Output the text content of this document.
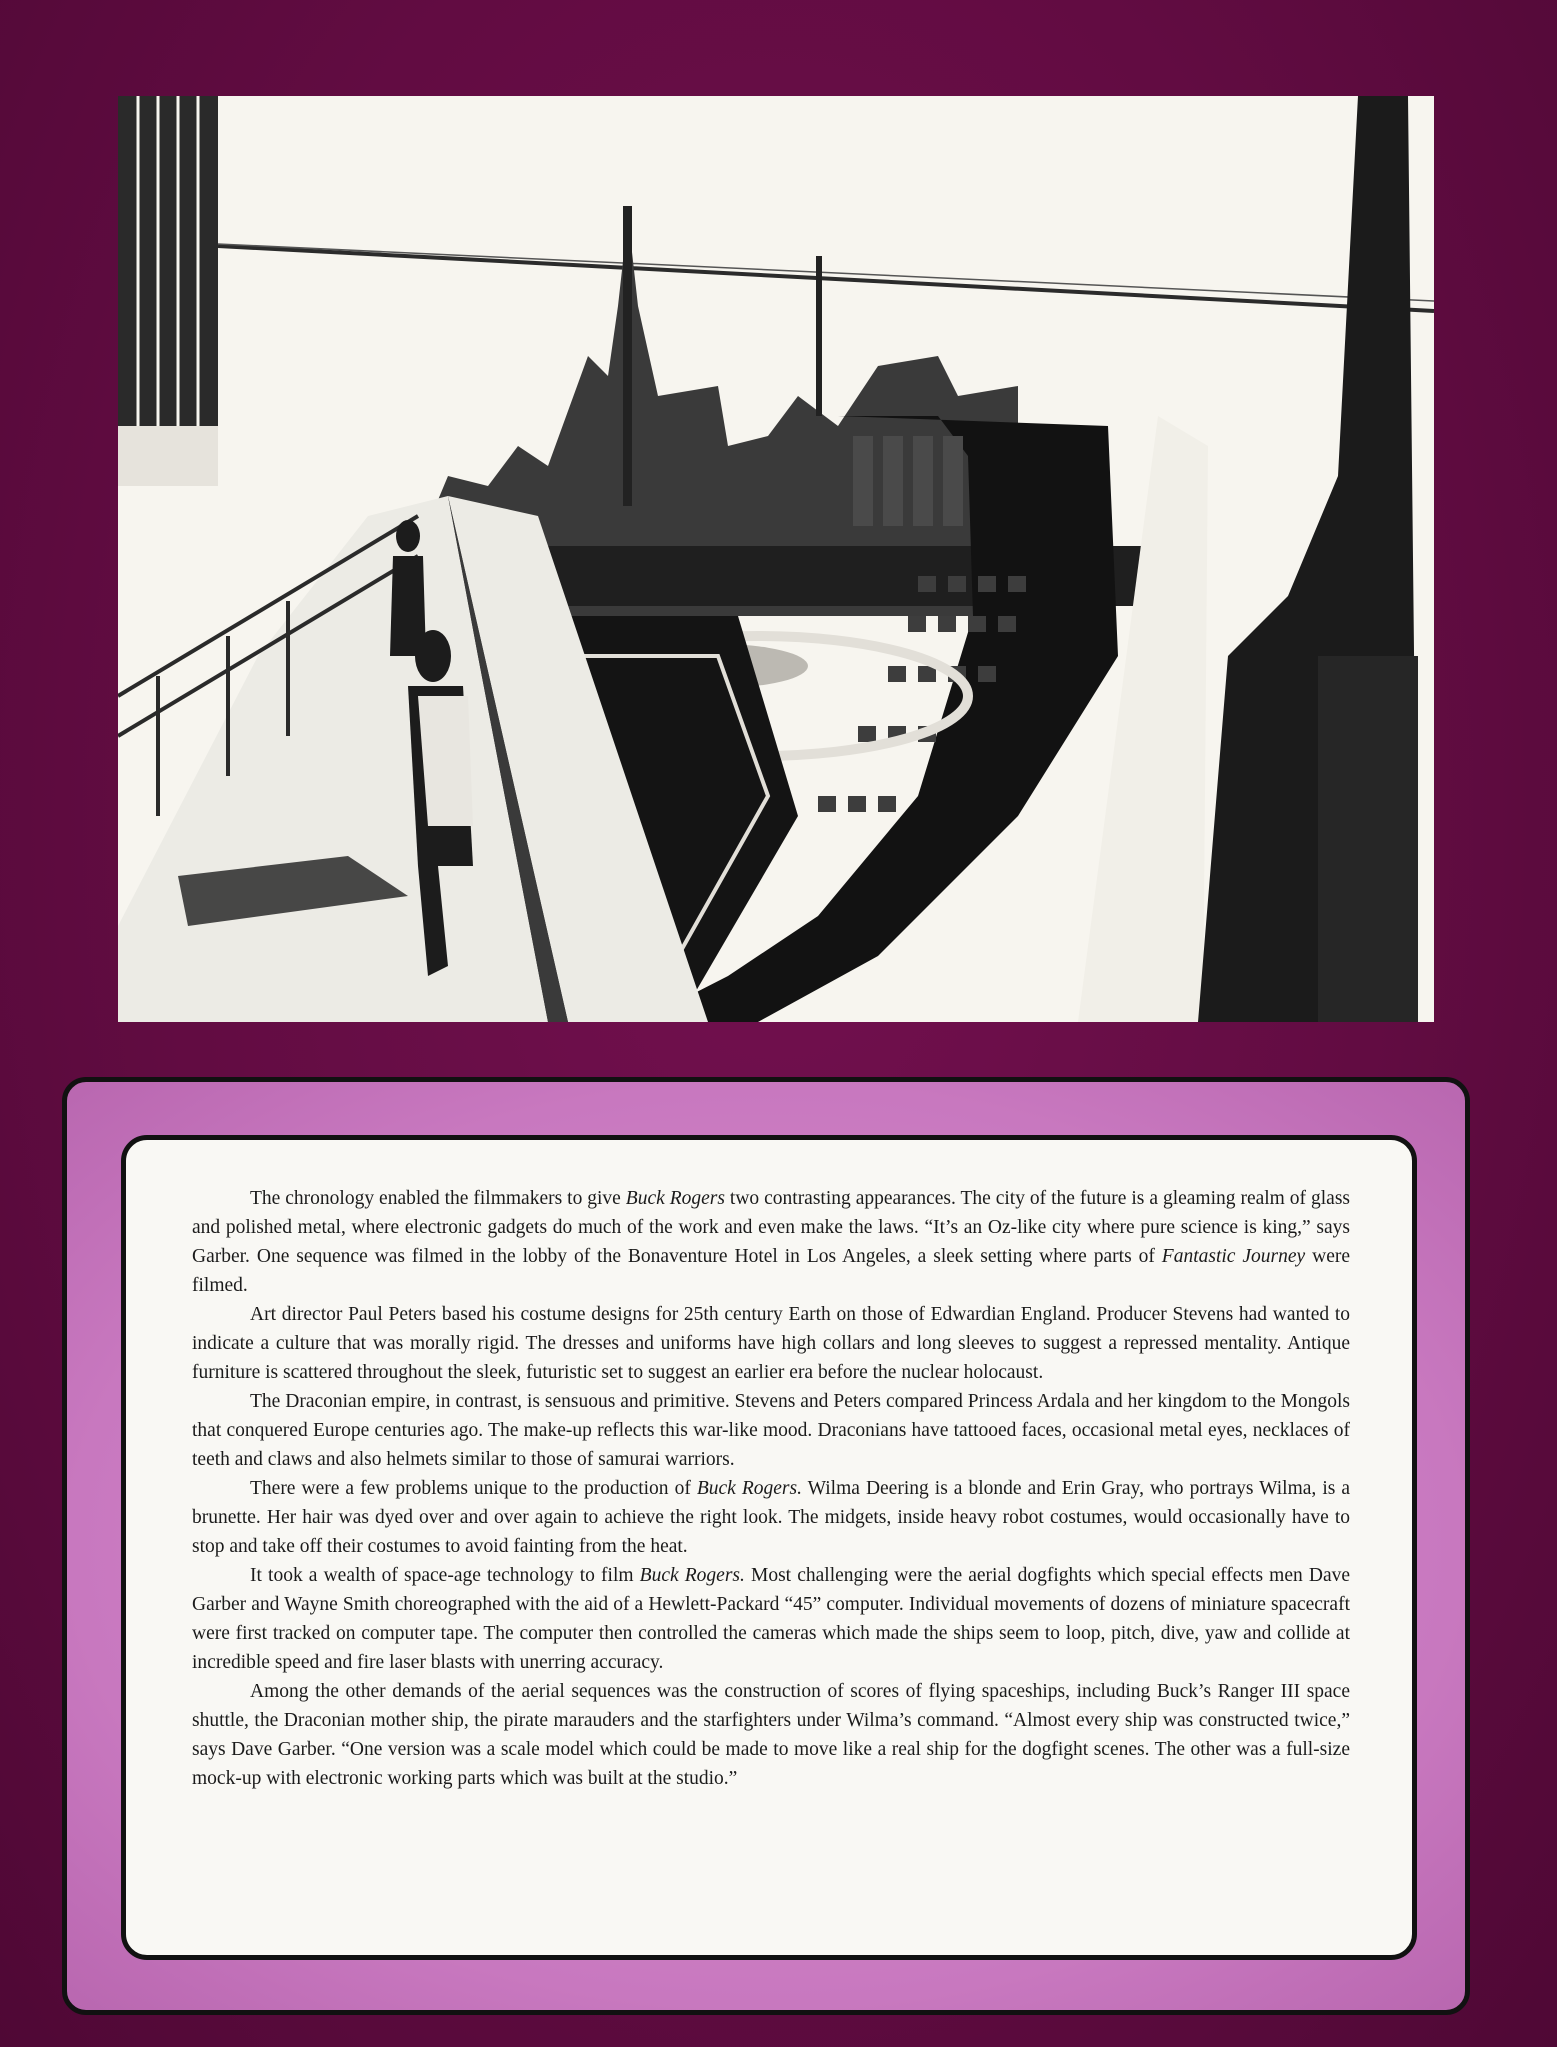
The chronology enabled the filmmakers to give Buck Rogers two contrasting appearances. The city of the future is a gleaming realm of glass and polished metal, where electronic gadgets do much of the work and even make the laws. “It’s an Oz-like city where pure science is king,” says Garber. One sequence was filmed in the lobby of the Bonaventure Hotel in Los Angeles, a sleek setting where parts of Fantastic Journey were filmed.

Art director Paul Peters based his costume designs for 25th century Earth on those of Edwardian England. Producer Stevens had wanted to indicate a culture that was morally rigid. The dresses and uniforms have high collars and long sleeves to suggest a repressed mentality. Antique furniture is scattered throughout the sleek, futuristic set to suggest an earlier era before the nuclear holocaust.

The Draconian empire, in contrast, is sensuous and primitive. Stevens and Peters compared Princess Ardala and her kingdom to the Mongols that conquered Europe centuries ago. The make-up reflects this war-like mood. Draconians have tattooed faces, occasional metal eyes, necklaces of teeth and claws and also helmets similar to those of samurai warriors.

There were a few problems unique to the production of Buck Rogers. Wilma Deering is a blonde and Erin Gray, who portrays Wilma, is a brunette. Her hair was dyed over and over again to achieve the right look. The midgets, inside heavy robot costumes, would occasionally have to stop and take off their costumes to avoid fainting from the heat.

It took a wealth of space-age technology to film Buck Rogers. Most challenging were the aerial dogfights which special effects men Dave Garber and Wayne Smith choreographed with the aid of a Hewlett-Packard “45” computer. Individual movements of dozens of miniature spacecraft were first tracked on computer tape. The computer then controlled the cameras which made the ships seem to loop, pitch, dive, yaw and collide at incredible speed and fire laser blasts with unerring accuracy.

Among the other demands of the aerial sequences was the construction of scores of flying spaceships, including Buck’s Ranger III space shuttle, the Draconian mother ship, the pirate marauders and the starfighters under Wilma’s command. “Almost every ship was constructed twice,” says Dave Garber. “One version was a scale model which could be made to move like a real ship for the dogfight scenes. The other was a full-size mock-up with electronic working parts which was built at the studio.”
